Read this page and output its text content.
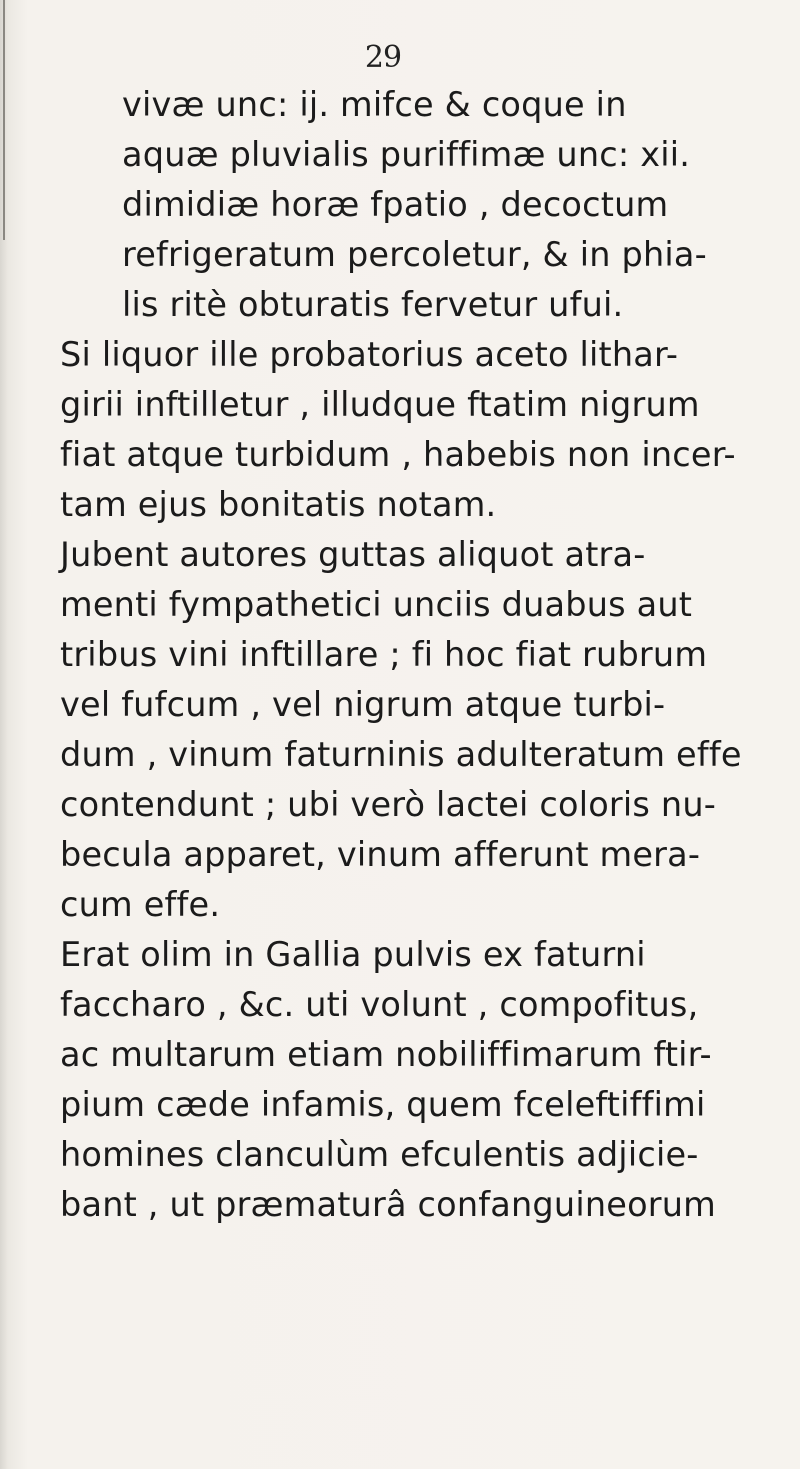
29
vivæ unc: ij. mifce & coque in
aquæ pluvialis puriffimæ unc: xii.
dimidiæ horæ fpatio , decoctum
refrigeratum percoletur, & in phia-
lis ritè obturatis fervetur ufui.
Si liquor ille probatorius aceto lithar-
girii inftilletur , illudque ftatim nigrum
fiat atque turbidum , habebis non incer-
tam ejus bonitatis notam.
Jubent autores guttas aliquot atra-
menti fympathetici unciis duabus aut
tribus vini inftillare ; fi hoc fiat rubrum
vel fufcum , vel nigrum atque turbi-
dum , vinum faturninis adulteratum effe
contendunt ; ubi verò lactei coloris nu-
becula apparet, vinum afferunt mera-
cum effe.
Erat olim in Gallia pulvis ex faturni
faccharo , &c. uti volunt , compofitus,
ac multarum etiam nobiliffimarum ftir-
pium cæde infamis, quem fceleftiffimi
homines clanculùm efculentis adjicie-
bant , ut præmaturâ confanguineorum
